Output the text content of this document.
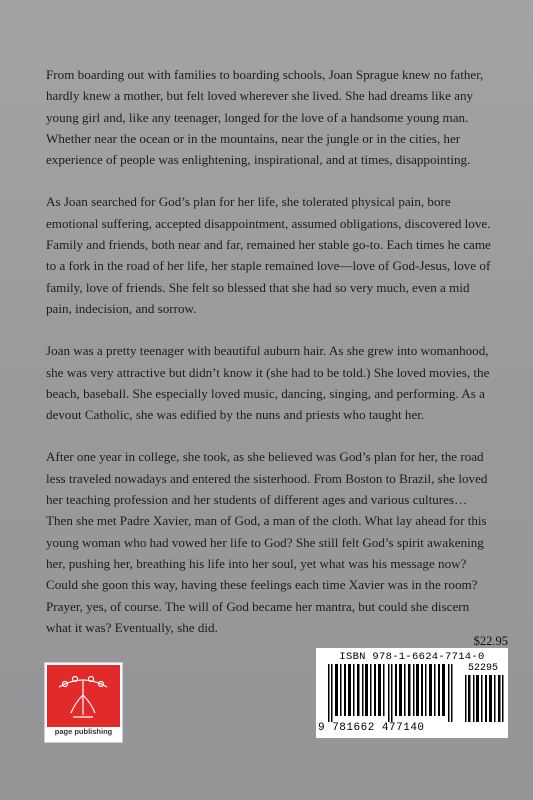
From boarding out with families to boarding schools, Joan Sprague knew no father, hardly knew a mother, but felt loved wherever she lived. She had dreams like any young girl and, like any teenager, longed for the love of a handsome young man. Whether near the ocean or in the mountains, near the jungle or in the cities, her experience of people was enlightening, inspirational, and at times, disappointing.

As Joan searched for God’s plan for her life, she tolerated physical pain, bore emotional suffering, accepted disappointment, assumed obligations, discovered love. Family and friends, both near and far, remained her stable go-to. Each times he came to a fork in the road of her life, her staple remained love—love of God-Jesus, love of family, love of friends. She felt so blessed that she had so very much, even a mid pain, indecision, and sorrow.

Joan was a pretty teenager with beautiful auburn hair. As she grew into womanhood, she was very attractive but didn’t know it (she had to be told.) She loved movies, the beach, baseball. She especially loved music, dancing, singing, and performing. As a devout Catholic, she was edified by the nuns and priests who taught her.

After one year in college, she took, as she believed was God’s plan for her, the road less traveled nowadays and entered the sisterhood. From Boston to Brazil, she loved her teaching profession and her students of different ages and various cultures… Then she met Padre Xavier, man of God, a man of the cloth. What lay ahead for this young woman who had vowed her life to God? She still felt God’s spirit awakening her, pushing her, breathing his life into her soul, yet what was his message now? Could she goon this way, having these feelings each time Xavier was in the room? Prayer, yes, of course. The will of God became her mantra, but could she discern what it was? Eventually, she did.

$22.95
ISBN 978-1-6624-7714-0
52295
9 781662 477140
page publishing
